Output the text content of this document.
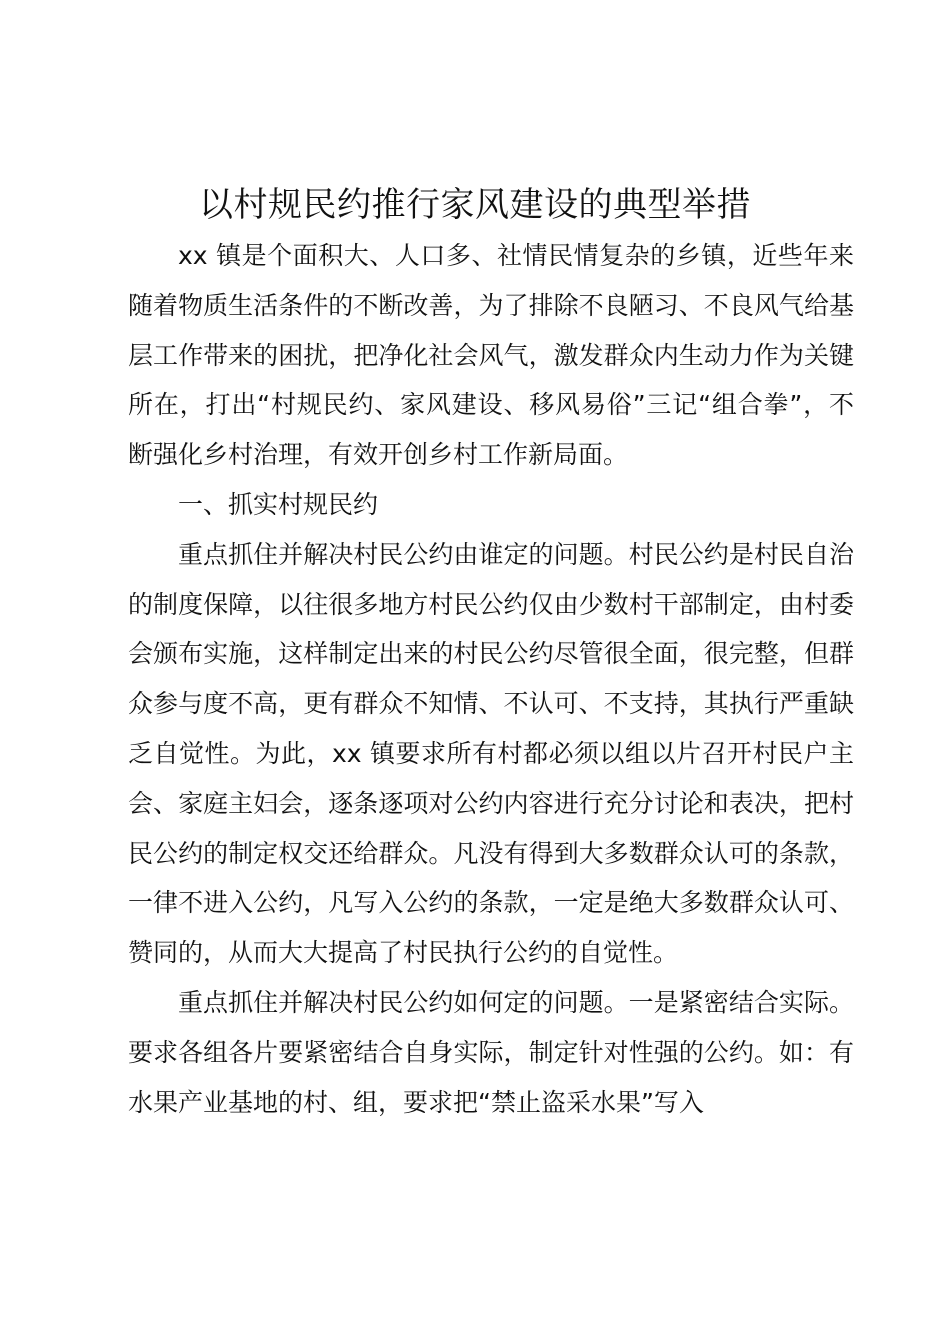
以村规民约推行家风建设的典型举措

xx 镇是个面积大、人口多、社情民情复杂的乡镇，近些年来随着物质生活条件的不断改善，为了排除不良陋习、不良风气给基层工作带来的困扰，把净化社会风气，激发群众内生动力作为关键所在，打出“村规民约、家风建设、移风易俗”三记“组合拳”，不断强化乡村治理，有效开创乡村工作新局面。

一、抓实村规民约

重点抓住并解决村民公约由谁定的问题。村民公约是村民自治的制度保障，以往很多地方村民公约仅由少数村干部制定，由村委会颁布实施，这样制定出来的村民公约尽管很全面，很完整，但群众参与度不高，更有群众不知情、不认可、不支持，其执行严重缺乏自觉性。为此，xx 镇要求所有村都必须以组以片召开村民户主会、家庭主妇会，逐条逐项对公约内容进行充分讨论和表决，把村民公约的制定权交还给群众。凡没有得到大多数群众认可的条款，一律不进入公约，凡写入公约的条款，一定是绝大多数群众认可、赞同的，从而大大提高了村民执行公约的自觉性。

重点抓住并解决村民公约如何定的问题。一是紧密结合实际。要求各组各片要紧密结合自身实际，制定针对性强的公约。如：有水果产业基地的村、组，要求把“禁止盗采水果”写入
